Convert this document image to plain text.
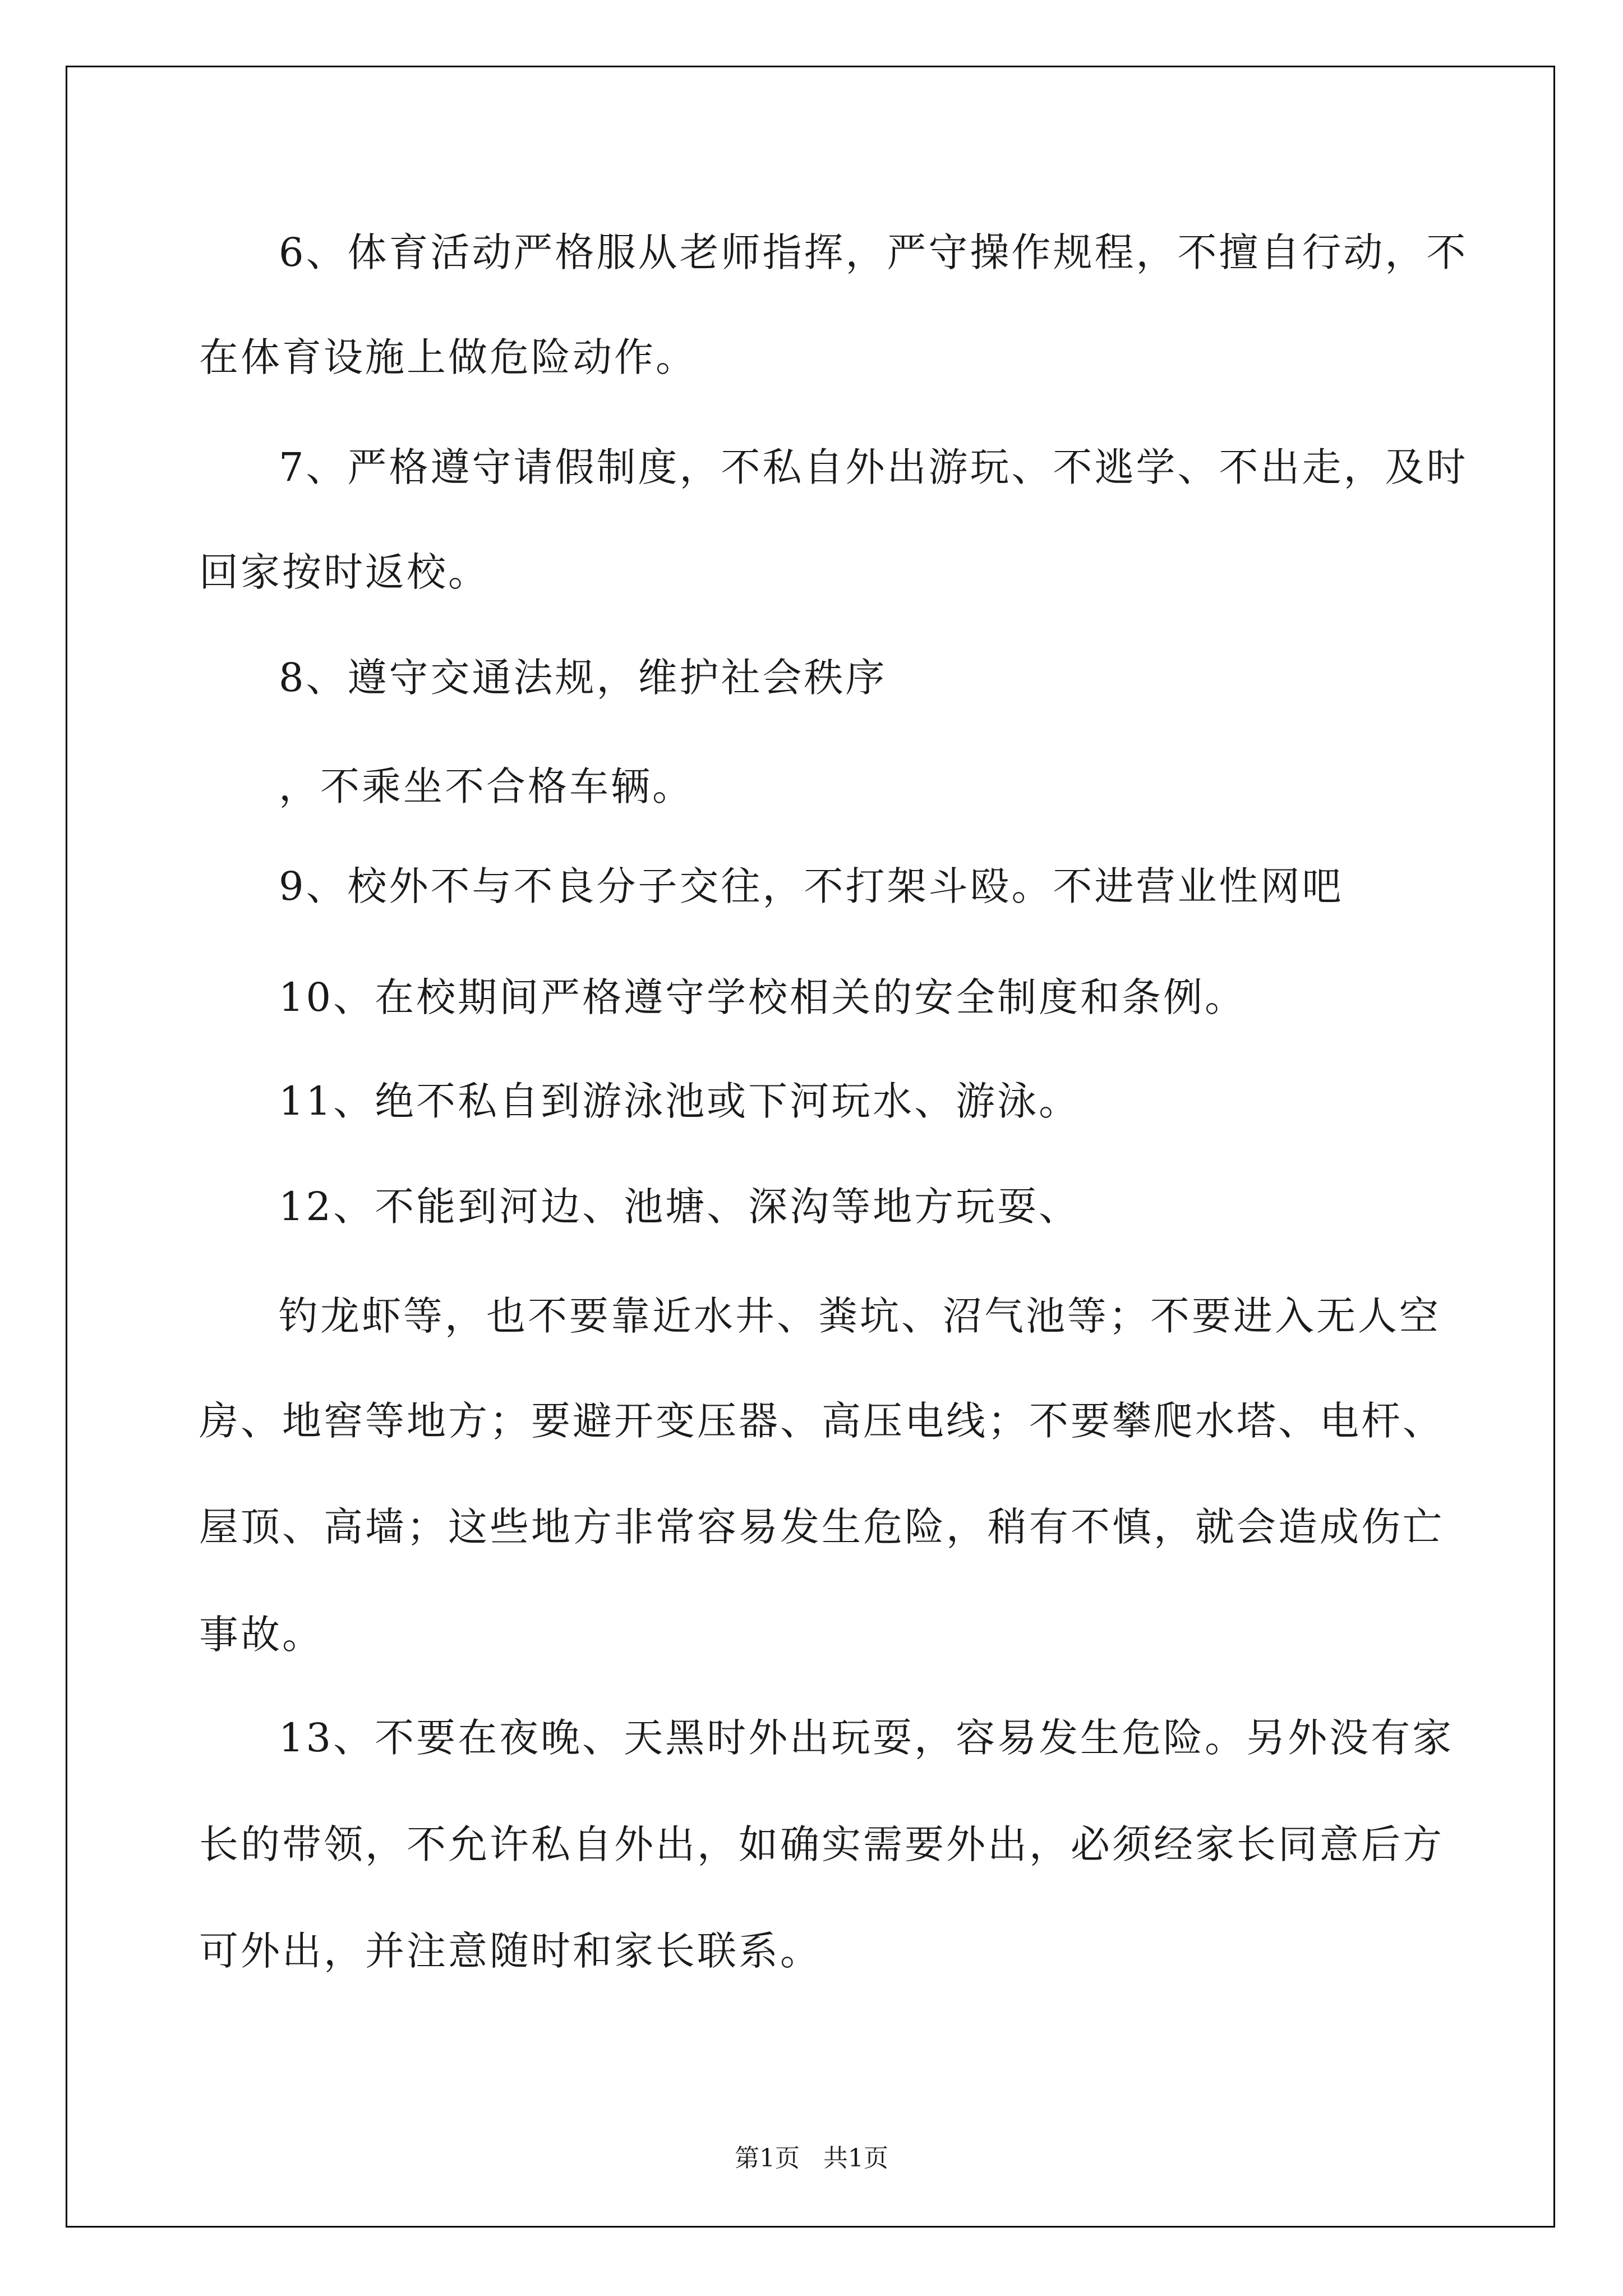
6、体育活动严格服从老师指挥，严守操作规程，不擅自行动，不

在体育设施上做危险动作。

7、严格遵守请假制度，不私自外出游玩、不逃学、不出走，及时

回家按时返校。

8、遵守交通法规，维护社会秩序

，不乘坐不合格车辆。

9、校外不与不良分子交往，不打架斗殴。不进营业性网吧

10、在校期间严格遵守学校相关的安全制度和条例。

11、绝不私自到游泳池或下河玩水、游泳。

12、不能到河边、池塘、深沟等地方玩耍、

钓龙虾等，也不要靠近水井、粪坑、沼气池等；不要进入无人空

房、地窖等地方；要避开变压器、高压电线；不要攀爬水塔、电杆、

屋顶、高墙；这些地方非常容易发生危险，稍有不慎，就会造成伤亡

事故。

13、不要在夜晚、天黑时外出玩耍，容易发生危险。另外没有家

长的带领，不允许私自外出，如确实需要外出，必须经家长同意后方

可外出，并注意随时和家长联系。

第1页   共1页
